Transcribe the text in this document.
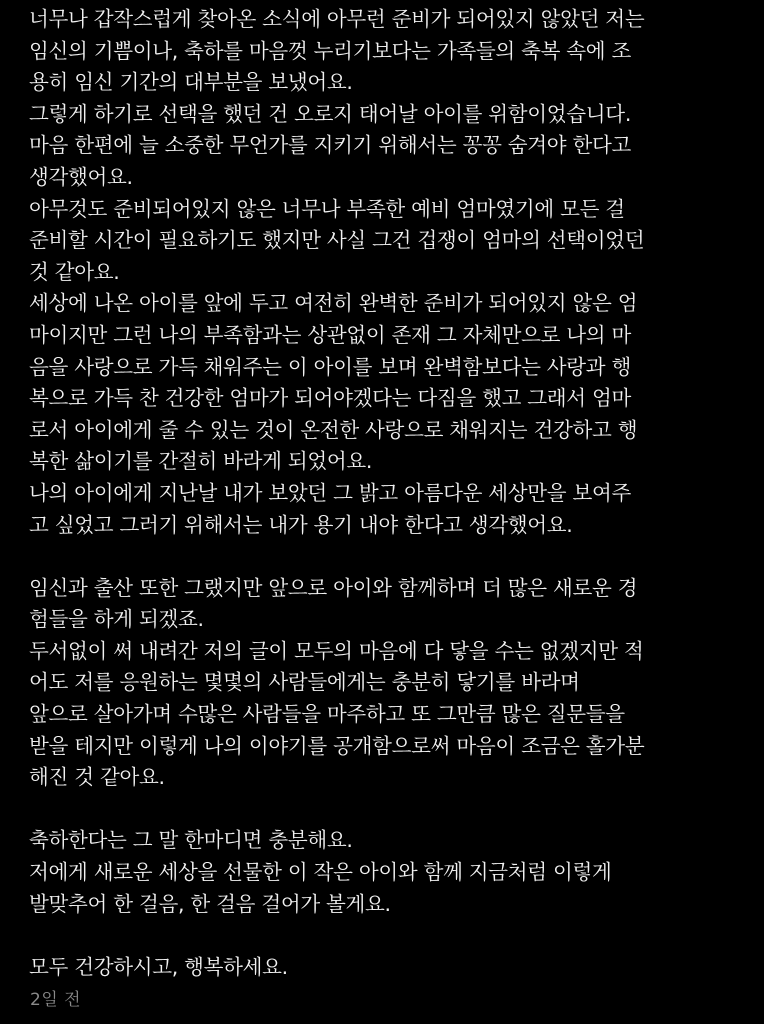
너무나 갑작스럽게 찾아온 소식에 아무런 준비가 되어있지 않았던 저는
임신의 기쁨이나, 축하를 마음껏 누리기보다는 가족들의 축복 속에 조
용히 임신 기간의 대부분을 보냈어요.

그렇게 하기로 선택을 했던 건 오로지 태어날 아이를 위함이었습니다.

마음 한편에 늘 소중한 무언가를 지키기 위해서는 꽁꽁 숨겨야 한다고
생각했어요.

아무것도 준비되어있지 않은 너무나 부족한 예비 엄마였기에 모든 걸
준비할 시간이 필요하기도 했지만 사실 그건 겁쟁이 엄마의 선택이었던
것 같아요.

세상에 나온 아이를 앞에 두고 여전히 완벽한 준비가 되어있지 않은 엄
마이지만 그런 나의 부족함과는 상관없이 존재 그 자체만으로 나의 마
음을 사랑으로 가득 채워주는 이 아이를 보며 완벽함보다는 사랑과 행
복으로 가득 찬 건강한 엄마가 되어야겠다는 다짐을 했고 그래서 엄마
로서 아이에게 줄 수 있는 것이 온전한 사랑으로 채워지는 건강하고 행
복한 삶이기를 간절히 바라게 되었어요.

나의 아이에게 지난날 내가 보았던 그 밝고 아름다운 세상만을 보여주
고 싶었고 그러기 위해서는 내가 용기 내야 한다고 생각했어요.

임신과 출산 또한 그랬지만 앞으로 아이와 함께하며 더 많은 새로운 경
험들을 하게 되겠죠.

두서없이 써 내려간 저의 글이 모두의 마음에 다 닿을 수는 없겠지만 적
어도 저를 응원하는 몇몇의 사람들에게는 충분히 닿기를 바라며

앞으로 살아가며 수많은 사람들을 마주하고 또 그만큼 많은 질문들을
받을 테지만 이렇게 나의 이야기를 공개함으로써 마음이 조금은 홀가분
해진 것 같아요.

축하한다는 그 말 한마디면 충분해요.

저에게 새로운 세상을 선물한 이 작은 아이와 함께 지금처럼 이렇게
발맞추어 한 걸음, 한 걸음 걸어가 볼게요.

모두 건강하시고, 행복하세요.

2일 전
